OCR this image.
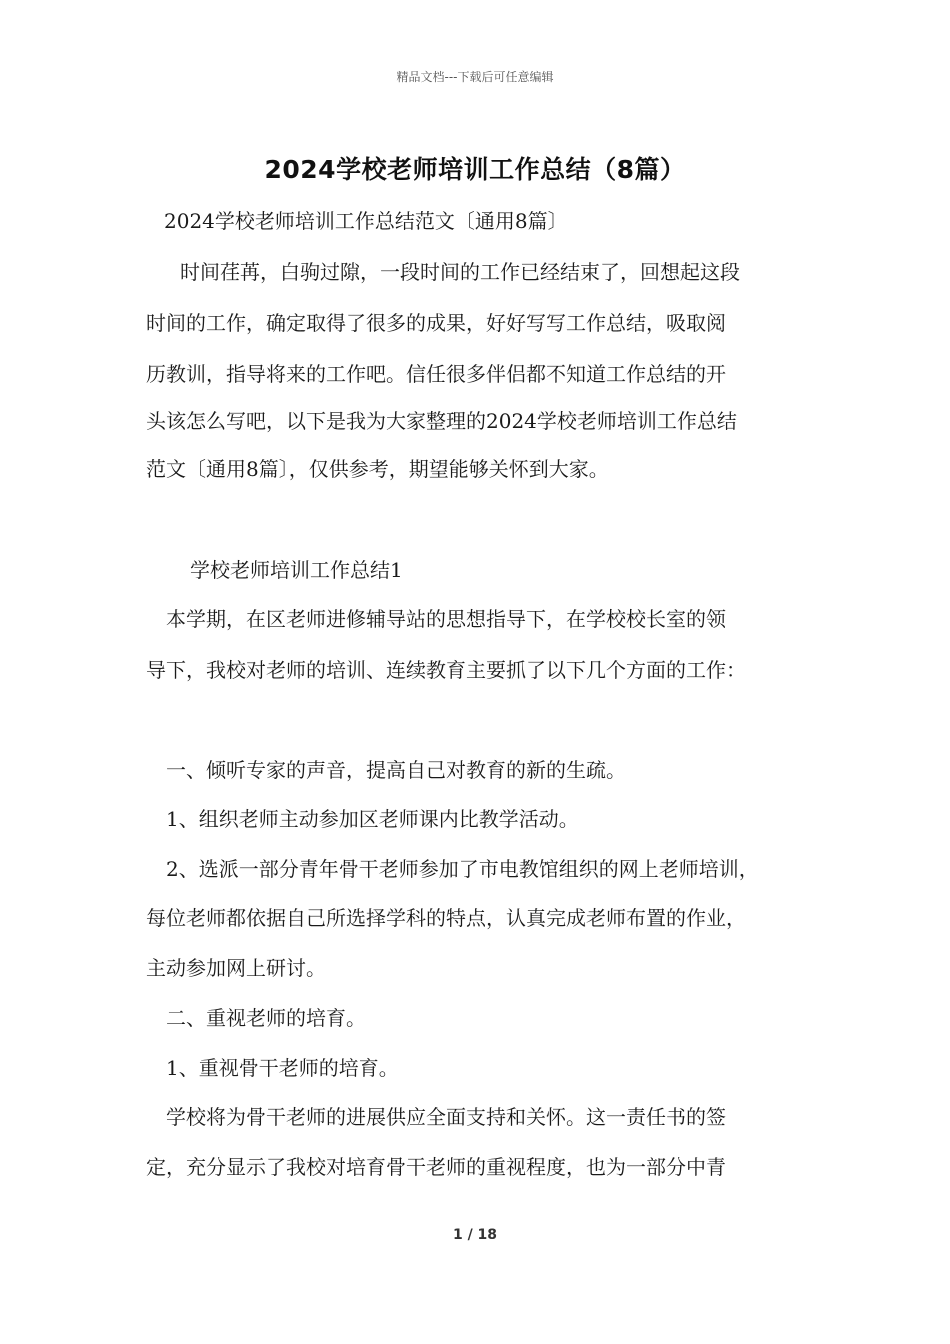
精品文档---下载后可任意编辑
2024学校老师培训工作总结（8篇）
2024学校老师培训工作总结范文〔通用8篇〕
时间荏苒，白驹过隙，一段时间的工作已经结束了，回想起这段
时间的工作，确定取得了很多的成果，好好写写工作总结，吸取阅
历教训，指导将来的工作吧。信任很多伴侣都不知道工作总结的开
头该怎么写吧，以下是我为大家整理的2024学校老师培训工作总结
范文〔通用8篇〕，仅供参考，期望能够关怀到大家。
学校老师培训工作总结1
本学期，在区老师进修辅导站的思想指导下，在学校校长室的领
导下，我校对老师的培训、连续教育主要抓了以下几个方面的工作：
一、倾听专家的声音，提高自己对教育的新的生疏。
1、组织老师主动参加区老师课内比教学活动。
2、选派一部分青年骨干老师参加了市电教馆组织的网上老师培训，
每位老师都依据自己所选择学科的特点，认真完成老师布置的作业，
主动参加网上研讨。
二、重视老师的培育。
1、重视骨干老师的培育。
学校将为骨干老师的进展供应全面支持和关怀。这一责任书的签
定，充分显示了我校对培育骨干老师的重视程度，也为一部分中青
1 / 18
